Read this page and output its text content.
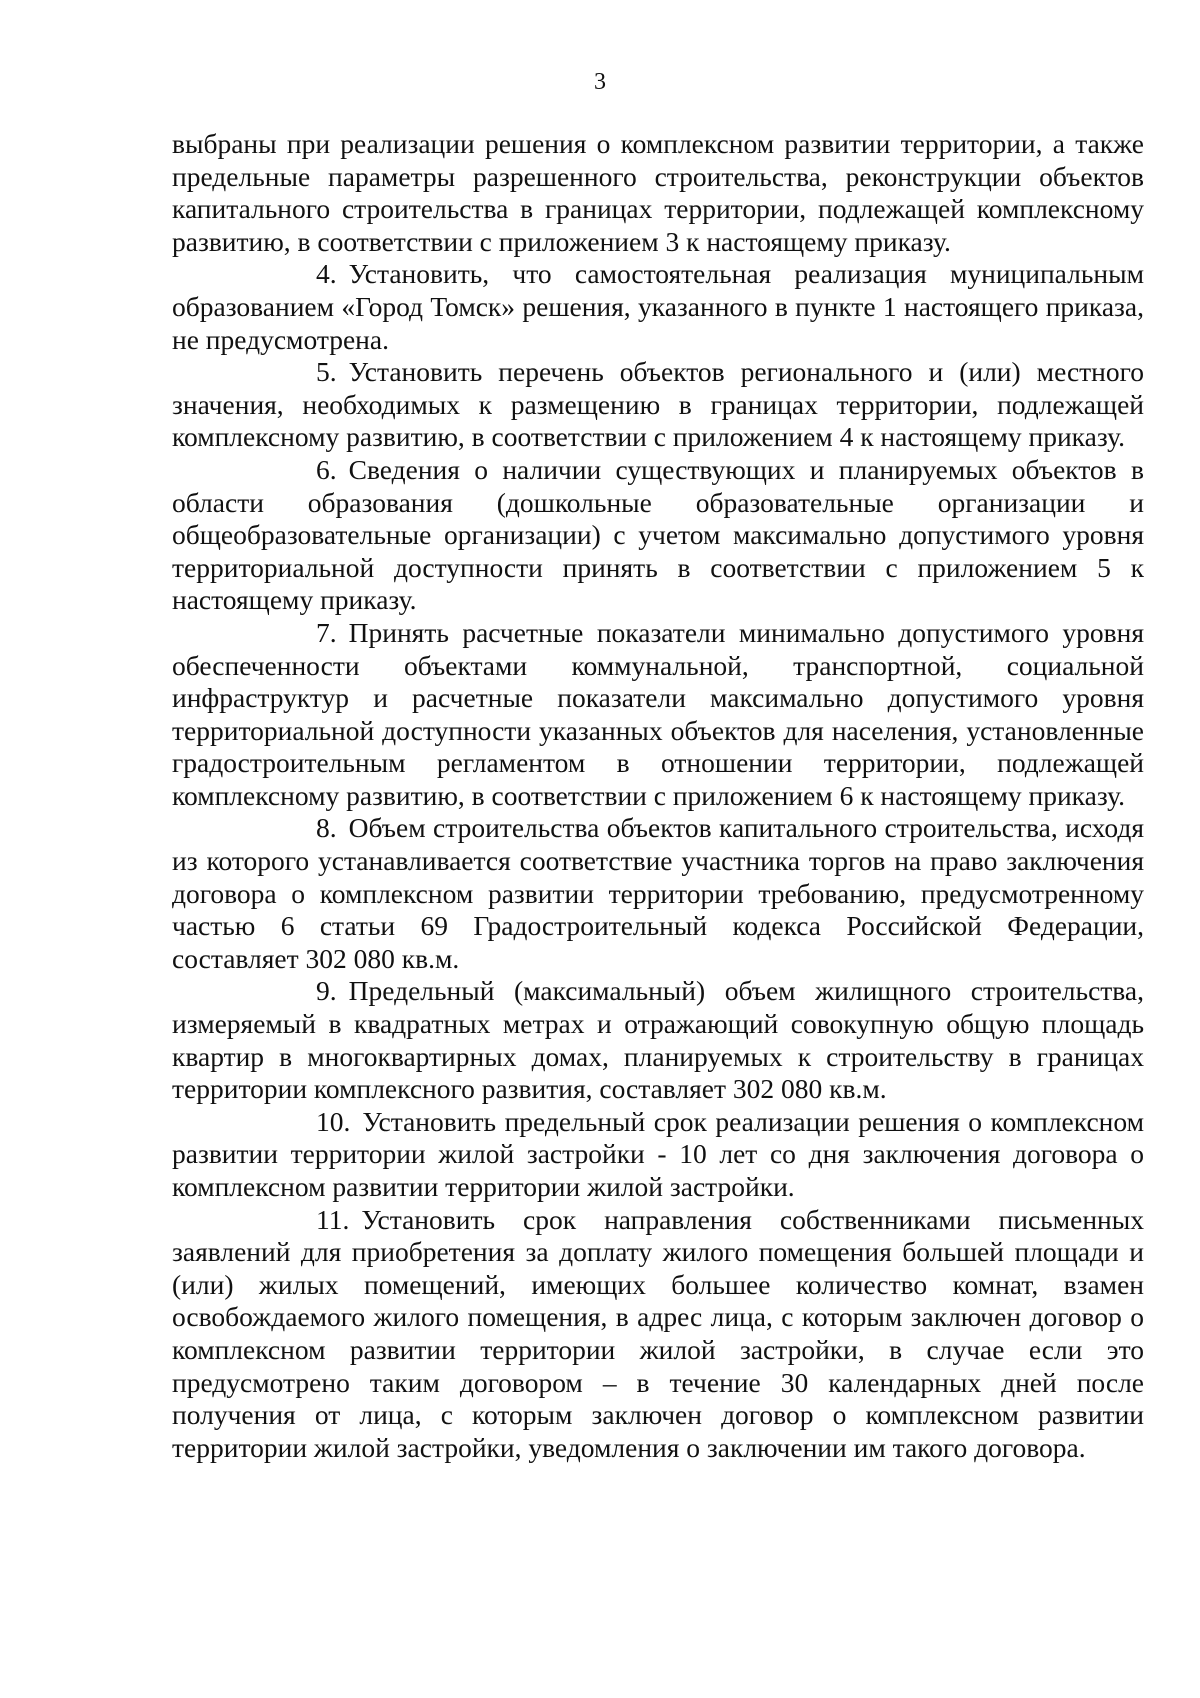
3

выбраны при реализации решения о комплексном развитии территории, а также предельные параметры разрешенного строительства, реконструкции объектов капитального строительства в границах территории, подлежащей комплексному развитию, в соответствии с приложением 3 к настоящему приказу.

4. Установить, что самостоятельная реализация муниципальным образованием «Город Томск» решения, указанного в пункте 1 настоящего приказа, не предусмотрена.

5. Установить перечень объектов регионального и (или) местного значения, необходимых к размещению в границах территории, подлежащей комплексному развитию, в соответствии с приложением 4 к настоящему приказу.

6. Сведения о наличии существующих и планируемых объектов в области образования (дошкольные образовательные организации и общеобразовательные организации) с учетом максимально допустимого уровня территориальной доступности принять в соответствии с приложением 5 к настоящему приказу.

7. Принять расчетные показатели минимально допустимого уровня обеспеченности объектами коммунальной, транспортной, социальной инфраструктур и расчетные показатели максимально допустимого уровня территориальной доступности указанных объектов для населения, установленные градостроительным регламентом в отношении территории, подлежащей комплексному развитию, в соответствии с приложением 6 к настоящему приказу.

8. Объем строительства объектов капитального строительства, исходя из которого устанавливается соответствие участника торгов на право заключения договора о комплексном развитии территории требованию, предусмотренному частью 6 статьи 69 Градостроительный кодекса Российской Федерации, составляет 302 080 кв.м.

9. Предельный (максимальный) объем жилищного строительства, измеряемый в квадратных метрах и отражающий совокупную общую площадь квартир в многоквартирных домах, планируемых к строительству в границах территории комплексного развития, составляет 302 080 кв.м.

10. Установить предельный срок реализации решения о комплексном развитии территории жилой застройки - 10 лет со дня заключения договора о комплексном развитии территории жилой застройки.

11. Установить срок направления собственниками письменных заявлений для приобретения за доплату жилого помещения большей площади и (или) жилых помещений, имеющих большее количество комнат, взамен освобождаемого жилого помещения, в адрес лица, с которым заключен договор о комплексном развитии территории жилой застройки, в случае если это предусмотрено таким договором – в течение 30 календарных дней после получения от лица, с которым заключен договор о комплексном развитии территории жилой застройки, уведомления о заключении им такого договора.
